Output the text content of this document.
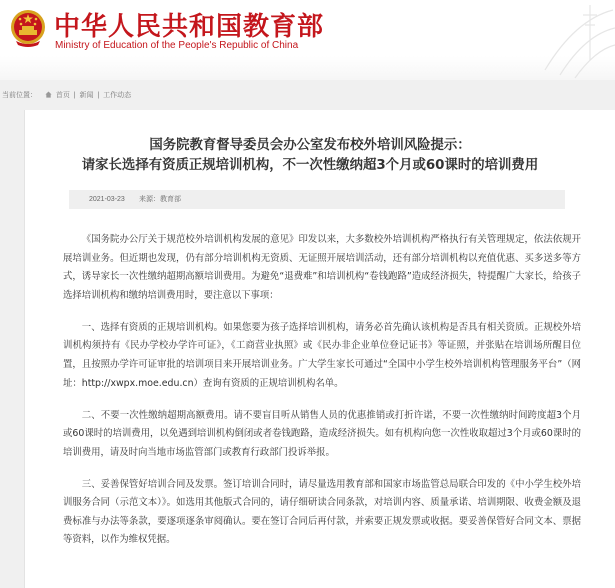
中华人民共和国教育部
Ministry of Education of the People's Republic of China
当前位置：	首页  |  新闻  |  工作动态
国务院教育督导委员会办公室发布校外培训风险提示：
请家长选择有资质正规培训机构，不一次性缴纳超3个月或60课时的培训费用
2021-03-23 来源：教育部

《国务院办公厅关于规范校外培训机构发展的意见》印发以来，大多数校外培训机构严格执行有关管理规定，依法依规开展培训业务。但近期也发现，仍有部分培训机构无资质、无证照开展培训活动，还有部分培训机构以充值优惠、买多送多等方式，诱导家长一次性缴纳超期高额培训费用。为避免“退费难”和培训机构“卷钱跑路”造成经济损失，特提醒广大家长，给孩子选择培训机构和缴纳培训费用时，要注意以下事项：

一、选择有资质的正规培训机构。如果您要为孩子选择培训机构，请务必首先确认该机构是否具有相关资质。正规校外培训机构须持有《民办学校办学许可证》，《工商营业执照》或《民办非企业单位登记证书》等证照，并张贴在培训场所醒目位置，且按照办学许可证审批的培训项目来开展培训业务。广大学生家长可通过“全国中小学生校外培训机构管理服务平台”（网址：http://xwpx.moe.edu.cn）查询有资质的正规培训机构名单。

二、不要一次性缴纳超期高额费用。请不要盲目听从销售人员的优惠推销或打折许诺，不要一次性缴纳时间跨度超3个月或60课时的培训费用，以免遇到培训机构倒闭或者卷钱跑路，造成经济损失。如有机构向您一次性收取超过3个月或60课时的培训费用，请及时向当地市场监管部门或教育行政部门投诉举报。

三、妥善保管好培训合同及发票。签订培训合同时，请尽量选用教育部和国家市场监管总局联合印发的《中小学生校外培训服务合同（示范文本）》。如选用其他版式合同的，请仔细研读合同条款，对培训内容、质量承诺、培训期限、收费金额及退费标准与办法等条款，要逐项逐条审阅确认。要在签订合同后再付款，并索要正规发票或收据。要妥善保管好合同文本、票据等资料，以作为维权凭据。
